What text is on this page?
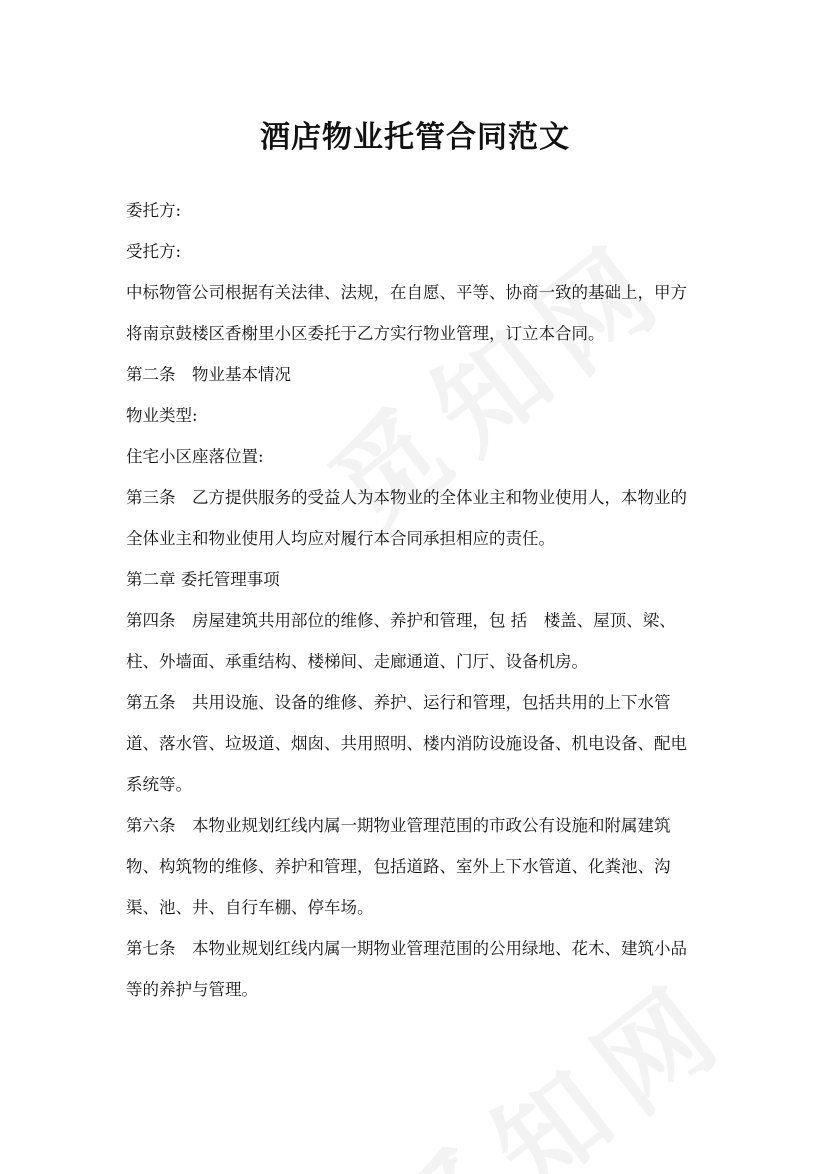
酒店物业托管合同范文

委托方:

受托方:

中标物管公司根据有关法律、法规，在自愿、平等、协商一致的基础上，甲方

将南京鼓楼区香榭里小区委托于乙方实行物业管理，订立本合同。

第二条　物业基本情况

物业类型:

住宅小区座落位置:

第三条　乙方提供服务的受益人为本物业的全体业主和物业使用人，本物业的

全体业主和物业使用人均应对履行本合同承担相应的责任。

第二章 委托管理事项

第四条　房屋建筑共用部位的维修、养护和管理，包 括　楼盖、屋顶、梁、

柱、外墙面、承重结构、楼梯间、走廊通道、门厅、设备机房。

第五条　共用设施、设备的维修、养护、运行和管理，包括共用的上下水管

道、落水管、垃圾道、烟囱、共用照明、楼内消防设施设备、机电设备、配电

系统等。

第六条　本物业规划红线内属一期物业管理范围的市政公有设施和附属建筑

物、构筑物的维修、养护和管理，包括道路、室外上下水管道、化粪池、沟

渠、池、井、自行车棚、停车场。

第七条　本物业规划红线内属一期物业管理范围的公用绿地、花木、建筑小品

等的养护与管理。
